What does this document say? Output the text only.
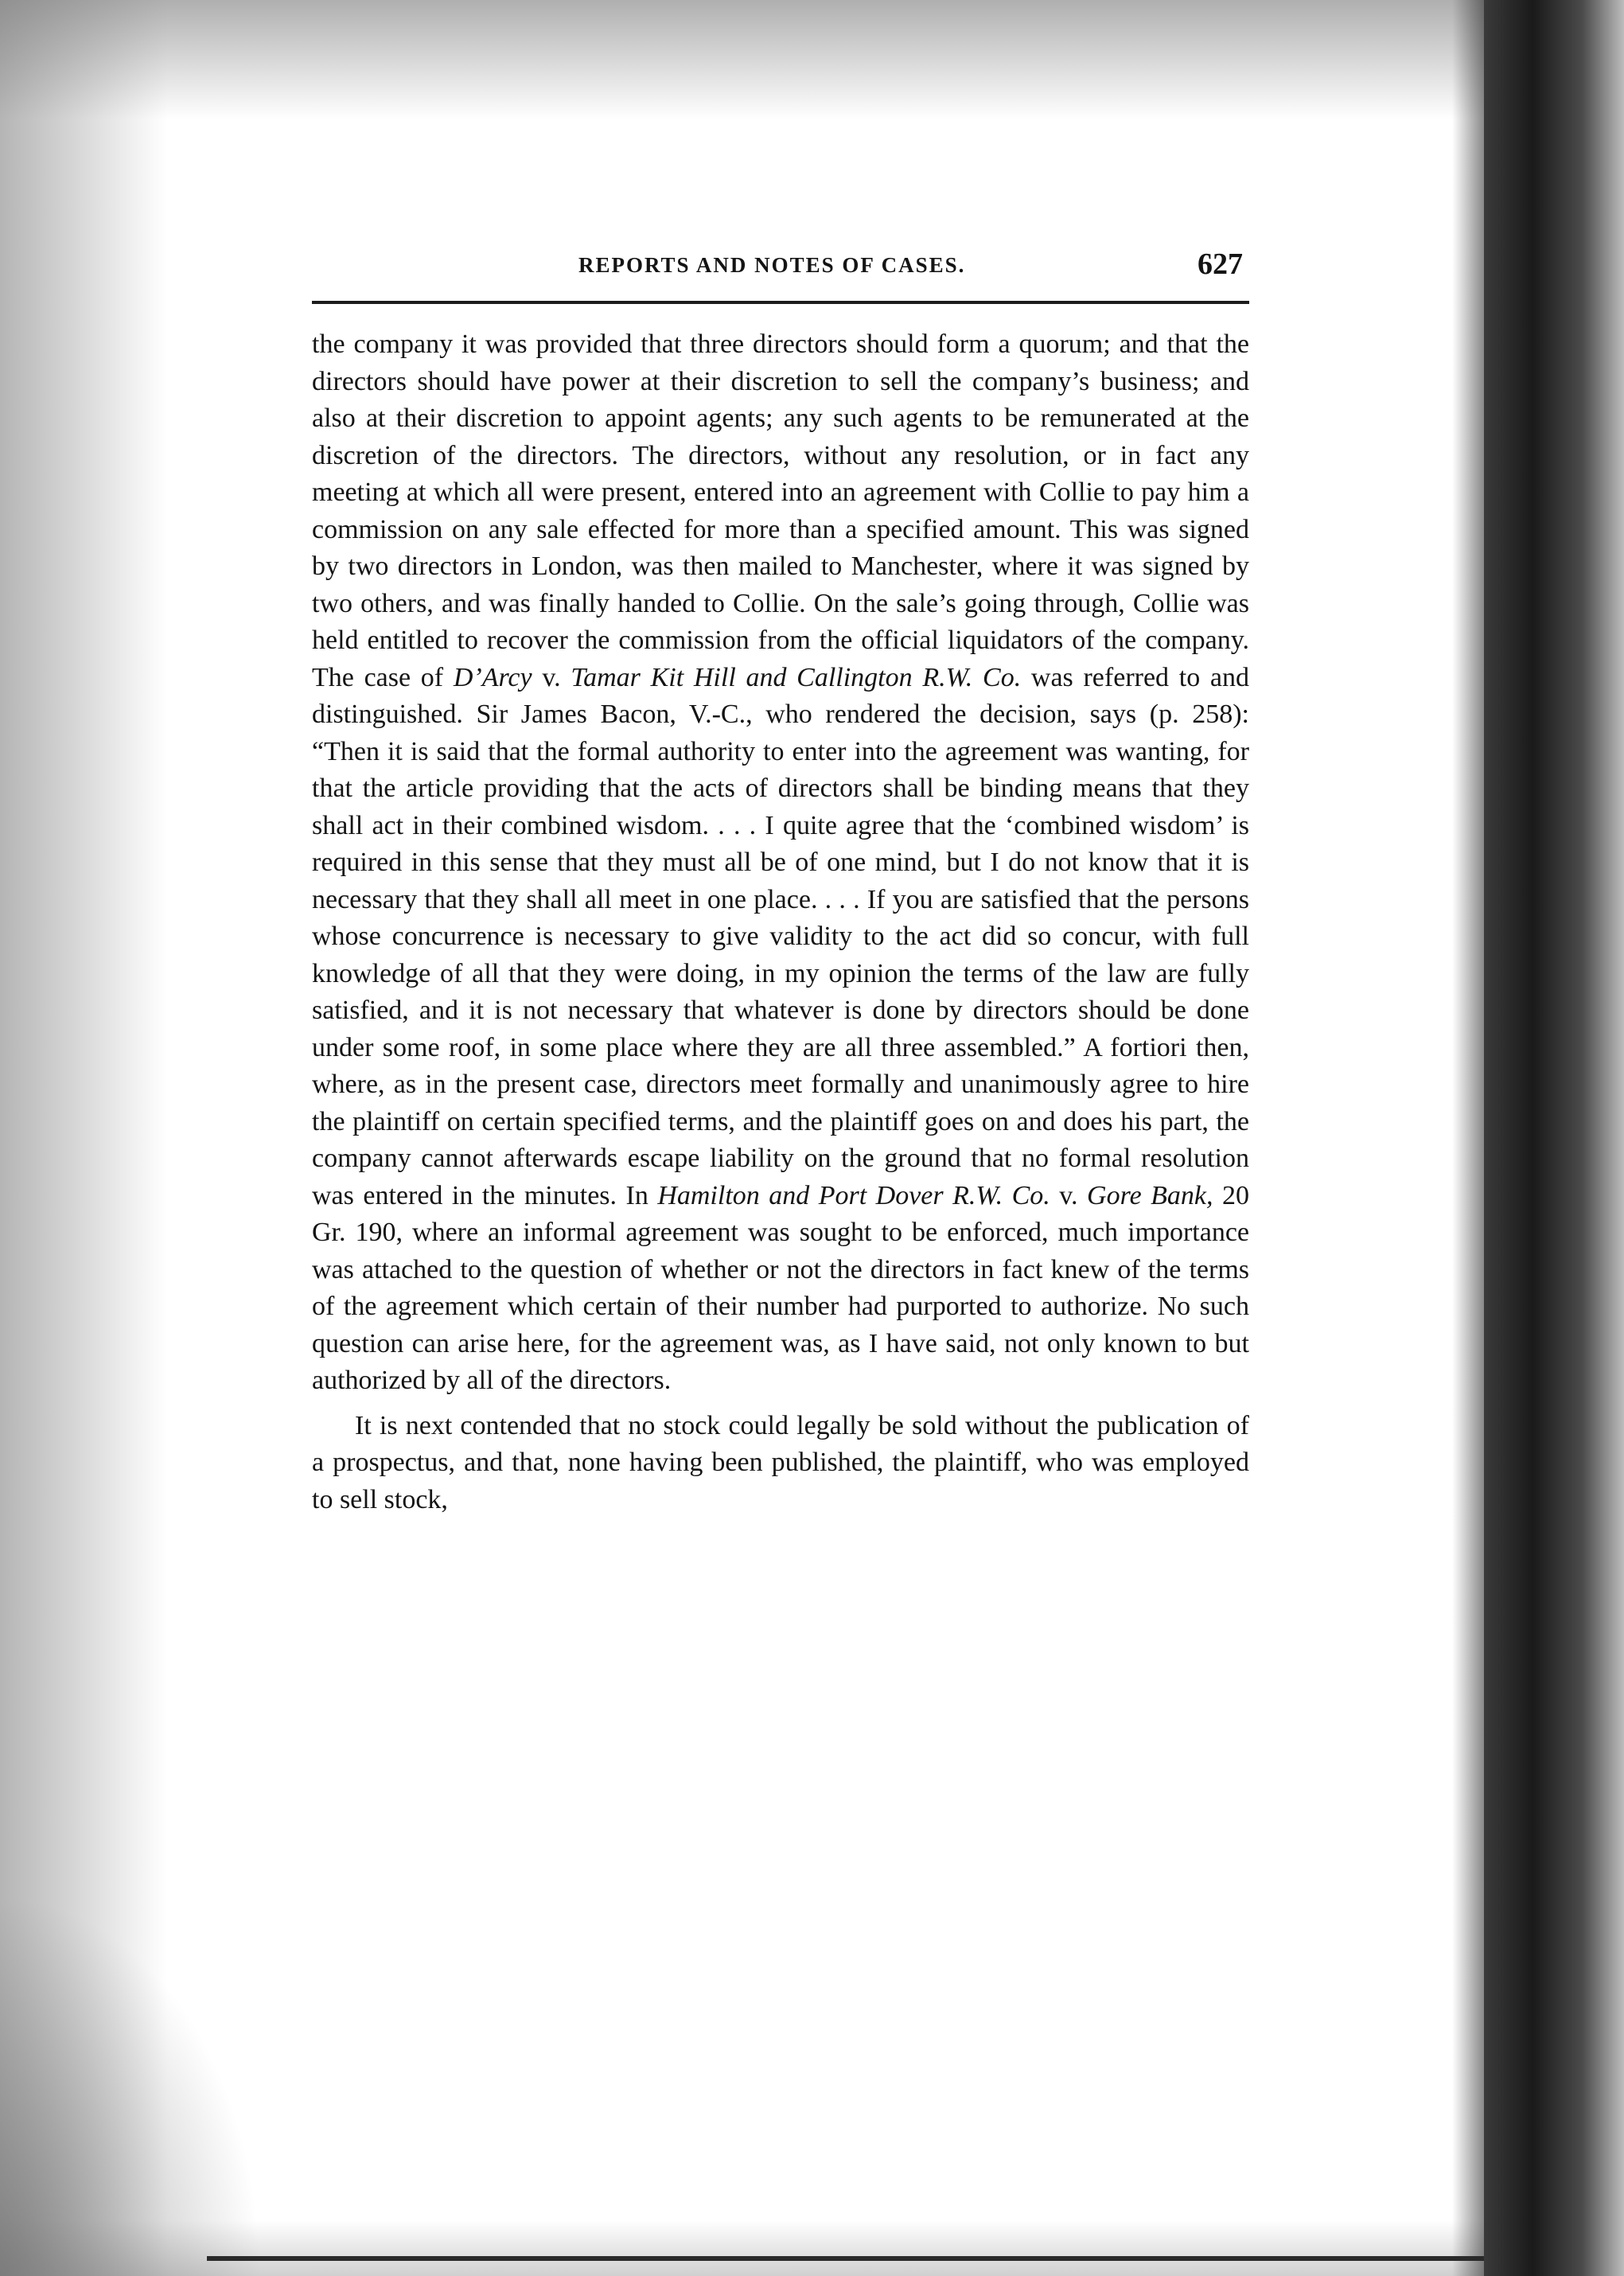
REPORTS AND NOTES OF CASES.	627

the company it was provided that three directors should form a quorum; and that the directors should have power at their discretion to sell the company’s business; and also at their discretion to appoint agents; any such agents to be remunerated at the discretion of the directors. The directors, without any resolution, or in fact any meeting at which all were present, entered into an agreement with Collie to pay him a commission on any sale effected for more than a specified amount. This was signed by two directors in London, was then mailed to Manchester, where it was signed by two others, and was finally handed to Collie. On the sale’s going through, Collie was held entitled to recover the commission from the official liquidators of the company. The case of D’Arcy v. Tamar Kit Hill and Callington R.W. Co. was referred to and distinguished. Sir James Bacon, V.-C., who rendered the decision, says (p. 258): “Then it is said that the formal authority to enter into the agreement was wanting, for that the article providing that the acts of directors shall be binding means that they shall act in their combined wisdom. . . . I quite agree that the ‘combined wisdom’ is required in this sense that they must all be of one mind, but I do not know that it is necessary that they shall all meet in one place. . . . If you are satisfied that the persons whose concurrence is necessary to give validity to the act did so concur, with full knowledge of all that they were doing, in my opinion the terms of the law are fully satisfied, and it is not necessary that whatever is done by directors should be done under some roof, in some place where they are all three assembled.” A fortiori then, where, as in the present case, directors meet formally and unanimously agree to hire the plaintiff on certain specified terms, and the plaintiff goes on and does his part, the company cannot afterwards escape liability on the ground that no formal resolution was entered in the minutes. In Hamilton and Port Dover R.W. Co. v. Gore Bank, 20 Gr. 190, where an informal agreement was sought to be enforced, much importance was attached to the question of whether or not the directors in fact knew of the terms of the agreement which certain of their number had purported to authorize. No such question can arise here, for the agreement was, as I have said, not only known to but authorized by all of the directors.

It is next contended that no stock could legally be sold without the publication of a prospectus, and that, none having been published, the plaintiff, who was employed to sell stock,
